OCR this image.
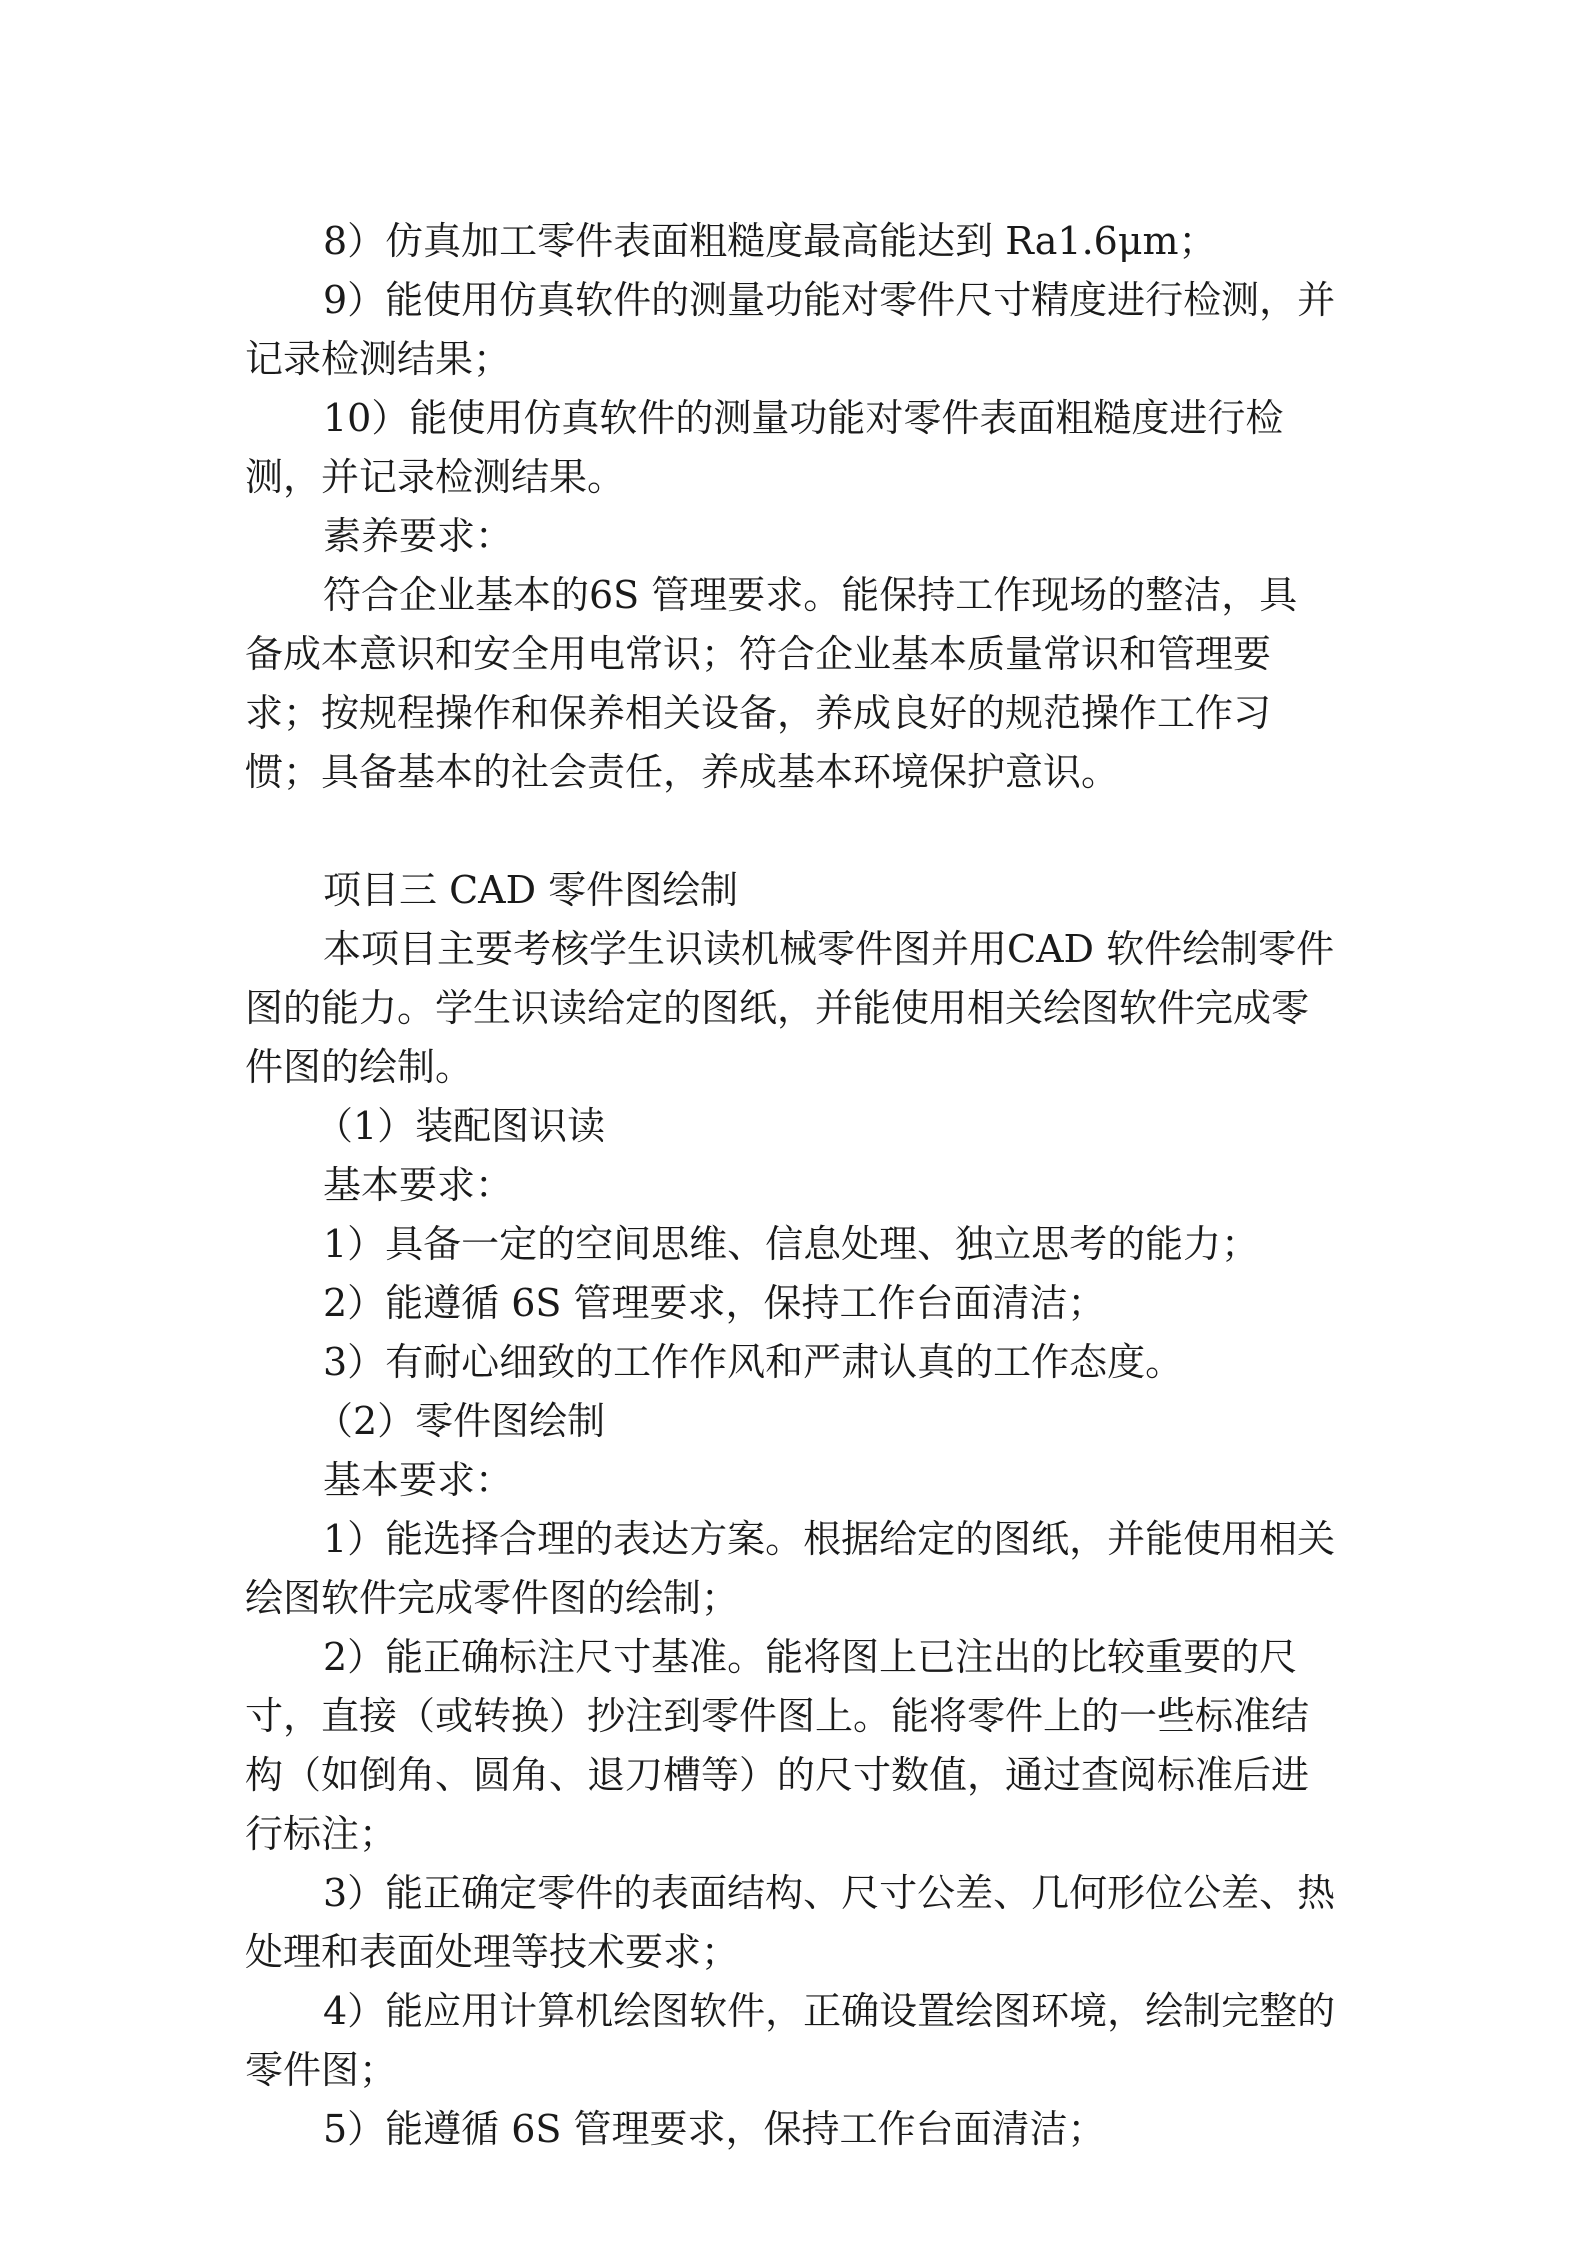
8）仿真加工零件表面粗糙度最高能达到 Ra1.6μm；
9）能使用仿真软件的测量功能对零件尺寸精度进行检测，并
记录检测结果；
10）能使用仿真软件的测量功能对零件表面粗糙度进行检
测，并记录检测结果。
素养要求：
符合企业基本的6S 管理要求。能保持工作现场的整洁，具
备成本意识和安全用电常识；符合企业基本质量常识和管理要
求；按规程操作和保养相关设备，养成良好的规范操作工作习
惯；具备基本的社会责任，养成基本环境保护意识。
项目三 CAD 零件图绘制
本项目主要考核学生识读机械零件图并用CAD 软件绘制零件
图的能力。学生识读给定的图纸，并能使用相关绘图软件完成零
件图的绘制。
（1）装配图识读
基本要求：
1）具备一定的空间思维、信息处理、独立思考的能力；
2）能遵循 6S 管理要求，保持工作台面清洁；
3）有耐心细致的工作作风和严肃认真的工作态度。
（2）零件图绘制
基本要求：
1）能选择合理的表达方案。根据给定的图纸，并能使用相关
绘图软件完成零件图的绘制；
2）能正确标注尺寸基准。能将图上已注出的比较重要的尺
寸，直接（或转换）抄注到零件图上。能将零件上的一些标准结
构（如倒角、圆角、退刀槽等）的尺寸数值，通过查阅标准后进
行标注；
3）能正确定零件的表面结构、尺寸公差、几何形位公差、热
处理和表面处理等技术要求；
4）能应用计算机绘图软件，正确设置绘图环境，绘制完整的
零件图；
5）能遵循 6S 管理要求，保持工作台面清洁；
